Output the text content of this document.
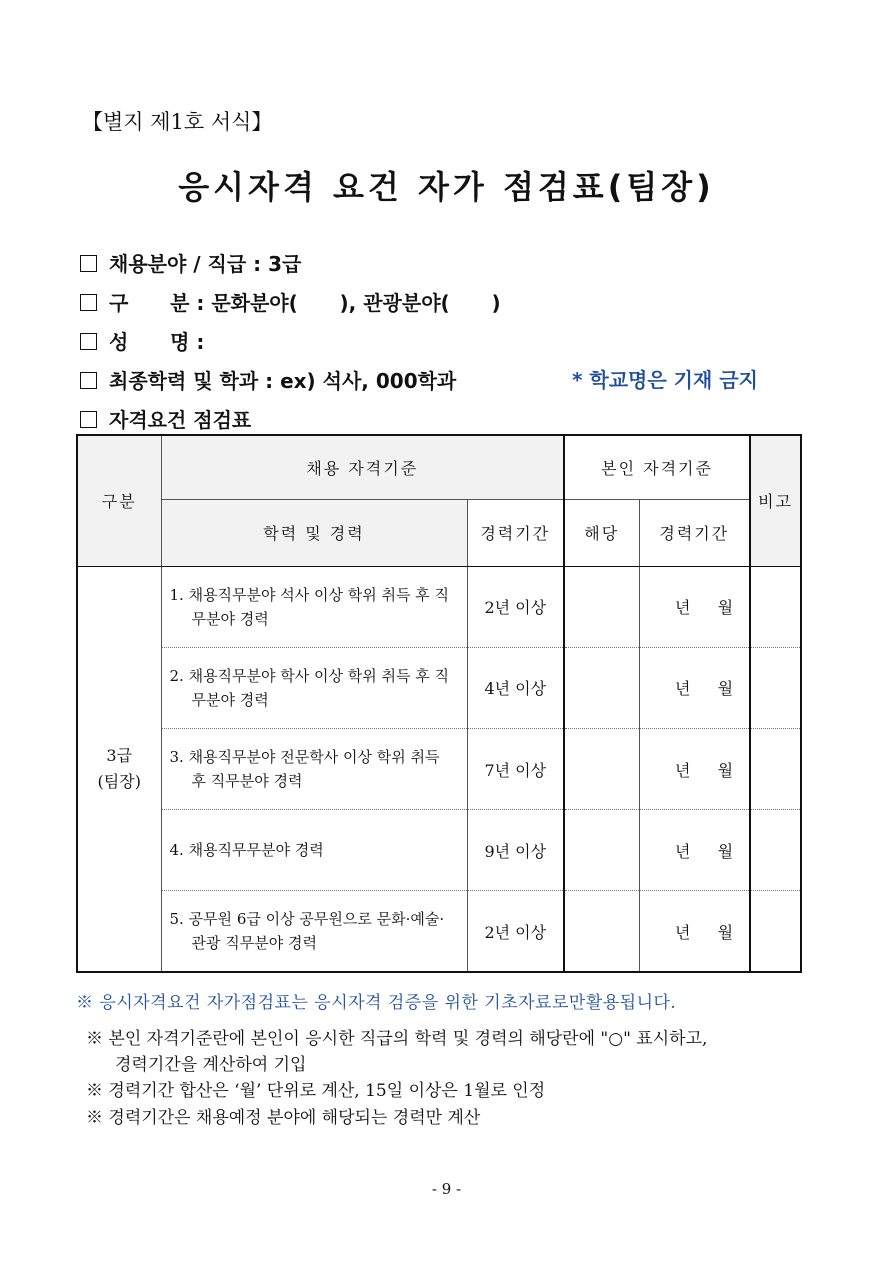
【별지 제1호 서식】
응시자격 요건 자가 점검표(팀장)
채용분야 / 직급 : 3급
구      분 : 문화분야(      ), 관광분야(      )
성      명 :
최종학력 및 학과 : ex) 석사, 000학과
자격요건 점검표
* 학교명은 기재 금지
구분	채용 자격기준		본인 자격기준		비고
	학력 및 경력	경력기간	해당	경력기간	
3급
(팀장)	1. 채용직무분야 석사 이상 학위 취득 후 직무분야 경력	2년 이상		년 월	

	2. 채용직무분야 학사 이상 학위 취득 후 직무분야 경력	4년 이상		년 월	

	3. 채용직무분야 전문학사 이상 학위 취득 후 직무분야 경력	7년 이상		년 월	

	4. 채용직무무분야 경력	9년 이상		년 월	

	5. 공무원 6급 이상 공무원으로 문화·예술·관광 직무분야 경력	2년 이상		년 월	
※ 응시자격요건 자가점검표는 응시자격 검증을 위한 기초자료로만활용됩니다.
※ 본인 자격기준란에 본인이 응시한 직급의 학력 및 경력의 해당란에 "○" 표시하고,
경력기간을 계산하여 기입
※ 경력기간 합산은 ‘월’ 단위로 계산, 15일 이상은 1월로 인정
※ 경력기간은 채용예정 분야에 해당되는 경력만 계산
- 9 -
